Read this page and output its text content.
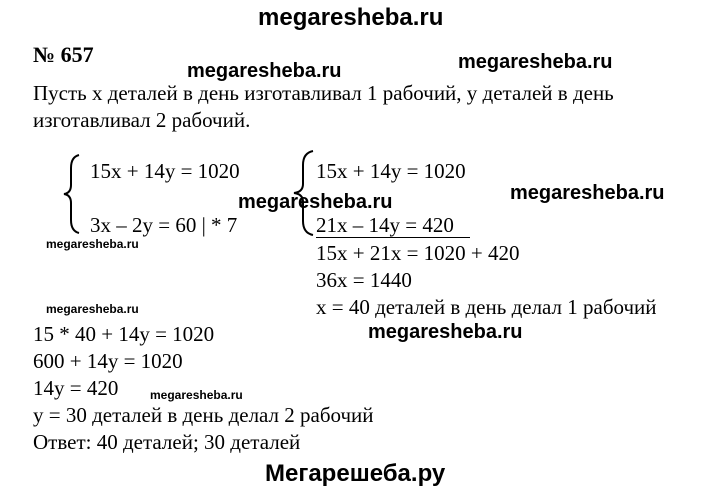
megaresheba.ru
megaresheba.ru	megaresheba.ru
megaresheba.ru	megaresheba.ru
megaresheba.ru
megaresheba.ru
megaresheba.ru
megaresheba.ru
Мегарешеба.ру
№ 657
Пусть х деталей в день изготавливал 1 рабочий, у деталей в день
изготавливал 2 рабочий.
15x + 14y = 1020
3x – 2y = 60 | * 7
15x + 14y = 1020
21x – 14y = 420
15x + 21x = 1020 + 420
36x = 1440
x = 40 деталей в день делал 1 рабочий
15 * 40 + 14y = 1020
600 + 14y = 1020
14y = 420
y = 30 деталей в день делал 2 рабочий
Ответ: 40 деталей; 30 деталей
